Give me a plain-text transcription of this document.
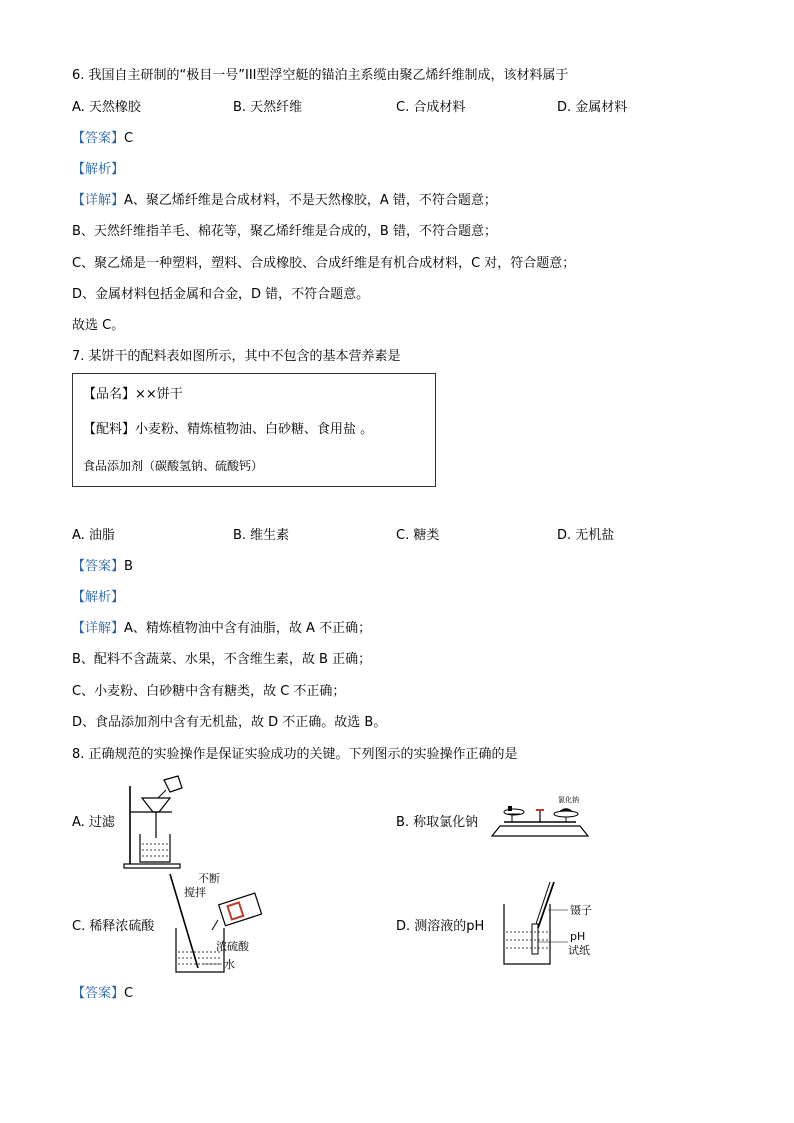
6. 我国自主研制的“极目一号”III型浮空艇的锚泊主系缆由聚乙烯纤维制成，该材料属于
A. 天然橡胶	B. 天然纤维	C. 合成材料	D. 金属材料
【答案】C
【解析】
【详解】A、聚乙烯纤维是合成材料，不是天然橡胶，A 错，不符合题意；
B、天然纤维指羊毛、棉花等，聚乙烯纤维是合成的，B 错，不符合题意；
C、聚乙烯是一种塑料，塑料、合成橡胶、合成纤维是有机合成材料，C 对，符合题意；
D、金属材料包括金属和合金，D 错，不符合题意。
故选 C。
7. 某饼干的配料表如图所示，其中不包含的基本营养素是
【品名】××饼干
【配料】小麦粉、精炼植物油、白砂糖、食用盐 。
食品添加剂（碳酸氢钠、硫酸钙）
A. 油脂	B. 维生素	C. 糖类	D. 无机盐
【答案】B
【解析】
【详解】A、精炼植物油中含有油脂，故 A 不正确；
B、配料不含蔬菜、水果，不含维生素，故 B 正确；
C、小麦粉、白砂糖中含有糖类，故 C 不正确；
D、食品添加剂中含有无机盐，故 D 不正确。故选 B。
8. 正确规范的实验操作是保证实验成功的关键。下列图示的实验操作正确的是
A. 过滤	B. 称取氯化钠
氯化钠
C. 稀释浓硫酸
不断
搅拌
浓硫酸
水
D. 测溶液的pH
镊子
pH
试纸
【答案】C
